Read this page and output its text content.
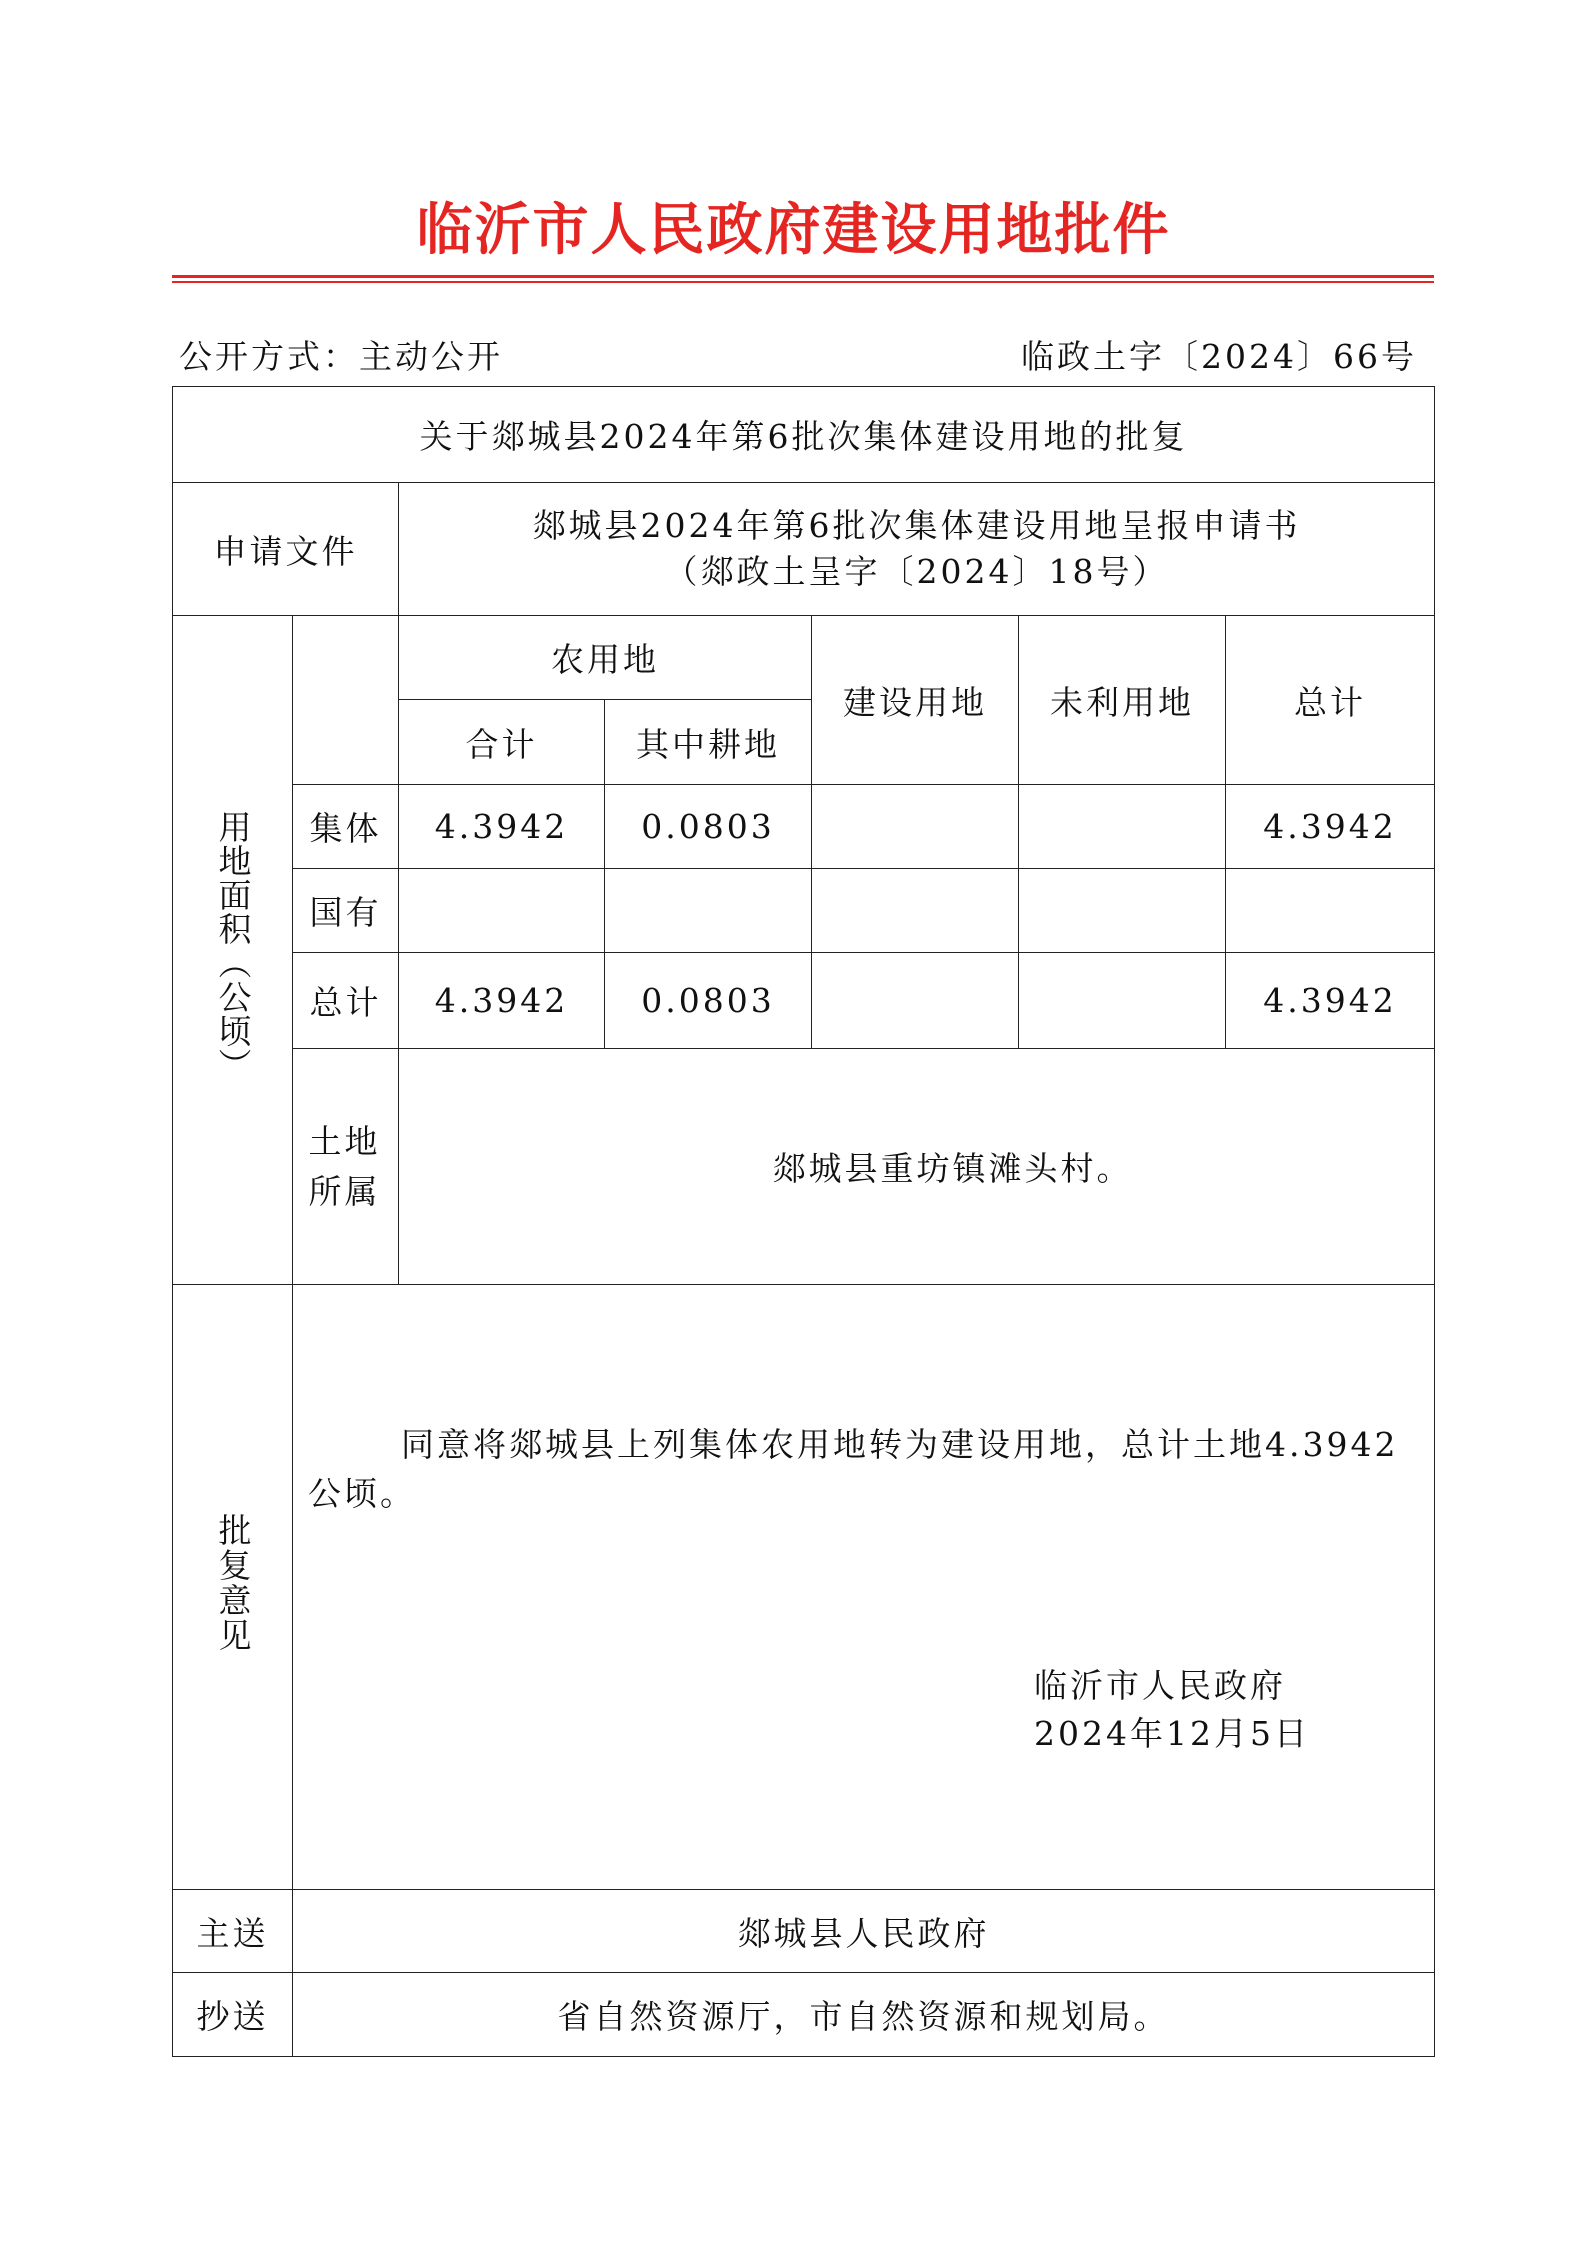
临沂市人民政府建设用地批件
公开方式：主动公开	临政土字〔2024〕66号
关于郯城县2024年第6批次集体建设用地的批复						
申请文件		郯城县2024年第6批次集体建设用地呈报申请书
（郯政土呈字〔2024〕18号）				

用地面积（公顷）		农用地		建设用地	未利用地	总计
		合计	其中耕地			
	集体	4.3942	0.0803			4.3942
	国有					
	总计	4.3942	0.0803			4.3942

	土地所属	郯城县重坊镇滩头村。				
批复意见	同意将郯城县上列集体农用地转为建设用地，总计土地4.3942公顷。
临沂市人民政府
2024年12月5日					

主送	郯城县人民政府					
抄送	省自然资源厅，市自然资源和规划局。					
